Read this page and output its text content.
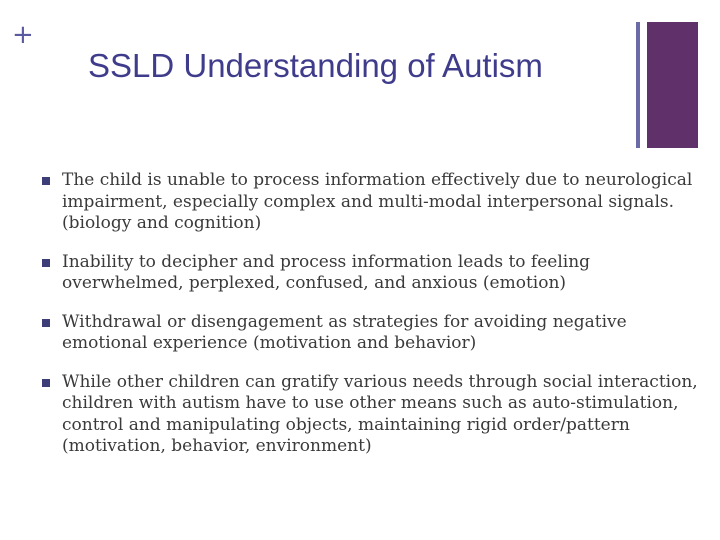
+
SSLD Understanding of Autism
The child is unable to process information effectively due to neurological impairment, especially complex and multi-modal interpersonal signals. (biology and cognition)
Inability to decipher and process information leads to feeling overwhelmed, perplexed, confused, and anxious (emotion)
Withdrawal or disengagement as strategies for avoiding negative emotional experience (motivation and behavior)
While other children can gratify various needs through social interaction, children with autism have to use other means such as auto-stimulation, control and manipulating objects, maintaining rigid order/pattern (motivation, behavior, environment)
